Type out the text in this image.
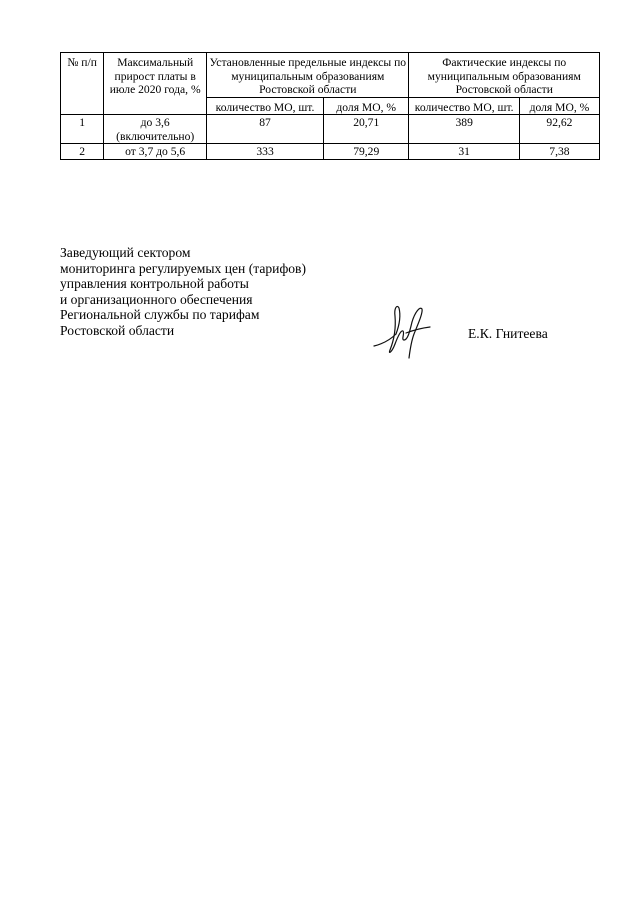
№ п/п	Максимальный прирост платы в июле 2020 года, %	Установленные предельные индексы по муниципальным образованиям Ростовской области		Фактические индексы по муниципальным образованиям Ростовской области	
		количество МО, шт.	доля МО, %	количество МО, шт.	доля МО, %
1	до 3,6 (включительно)	87	20,71	389	92,62
2	от 3,7 до 5,6	333	79,29	31	7,38
Заведующий сектором
мониторинга регулируемых цен (тарифов)
управления контрольной работы
и организационного обеспечения
Региональной службы по тарифам
Ростовской области	Е.К. Гнитеева
